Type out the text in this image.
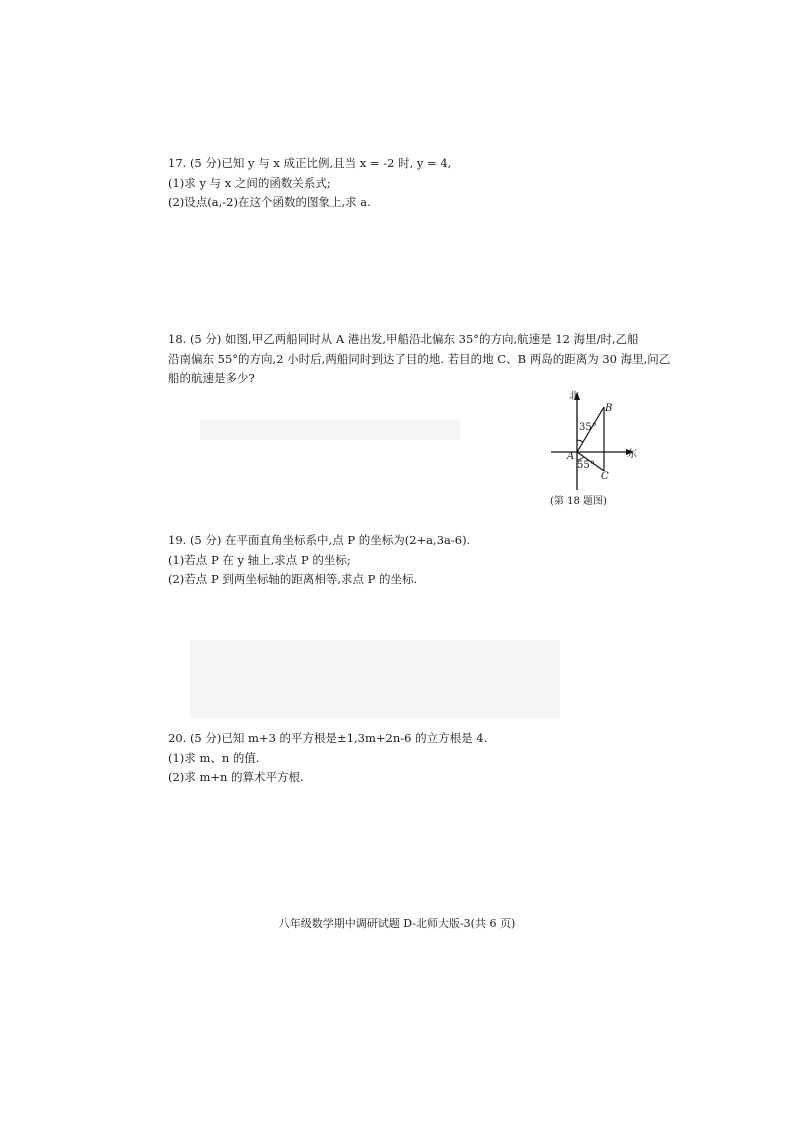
17. (5 分)已知 y 与 x 成正比例,且当 x = -2 时, y = 4,
(1)求 y 与 x 之间的函数关系式;
(2)设点(a,-2)在这个函数的图象上,求 a.
18. (5 分) 如图,甲乙两船同时从 A 港出发,甲船沿北偏东 35°的方向,航速是 12 海里/时,乙船
沿南偏东 55°的方向,2 小时后,两船同时到达了目的地. 若目的地 C、B 两岛的距离为 30 海里,问乙
船的航速是多少?
北
东
A
B
C
35°
55°
(第 18 题图)
19. (5 分) 在平面直角坐标系中,点 P 的坐标为(2+a,3a-6).
(1)若点 P 在 y 轴上,求点 P 的坐标;
(2)若点 P 到两坐标轴的距离相等,求点 P 的坐标.
20. (5 分)已知 m+3 的平方根是±1,3m+2n-6 的立方根是 4.
(1)求 m、n 的值.
(2)求 m+n 的算术平方根.
八年级数学期中调研试题 D-北师大版-3(共 6 页)
